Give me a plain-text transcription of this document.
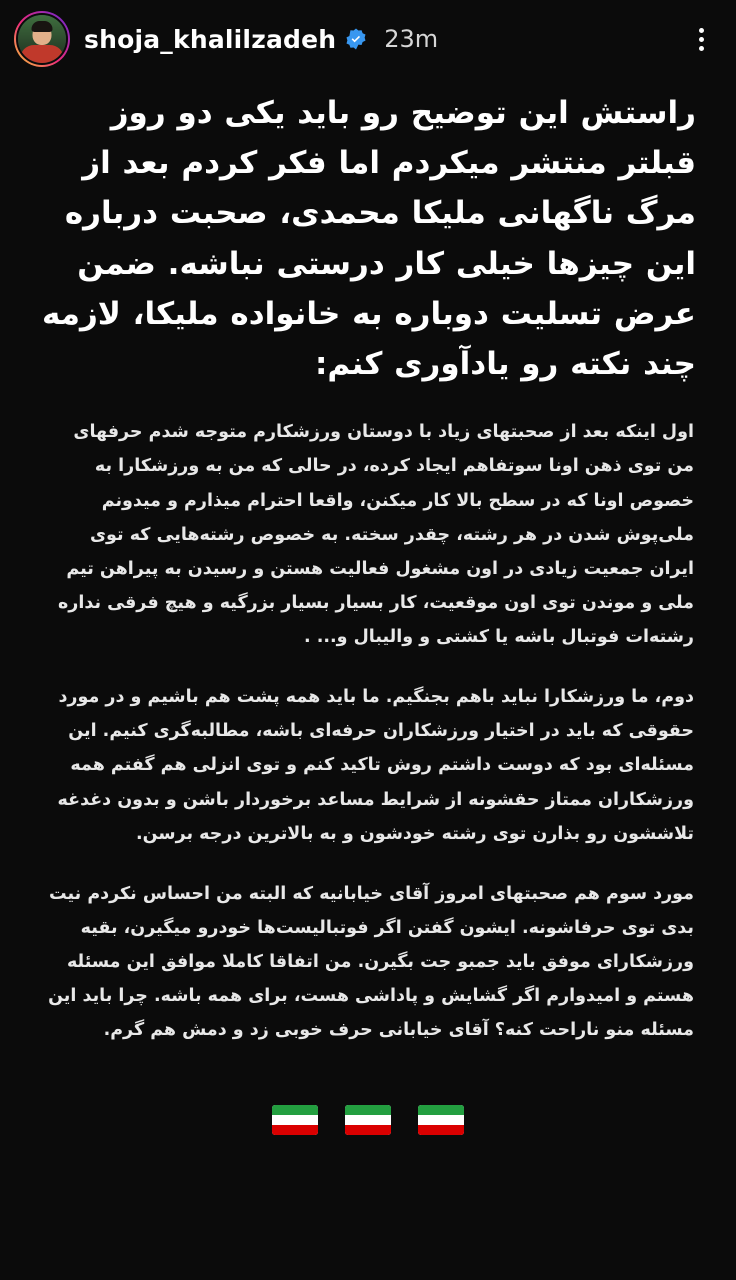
shoja_khalilzadeh 23m

راستش این توضیح رو باید یکی دو روز قبلتر منتشر میکردم اما فکر کردم بعد از مرگ ناگهانی ملیکا محمدی، صحبت درباره این چیزها خیلی کار درستی نباشه. ضمن عرض تسلیت دوباره به خانواده ملیکا، لازمه چند نکته رو یادآوری کنم:

اول اینکه بعد از صحبتهای زیاد با دوستان ورزشکارم متوجه شدم حرفهای من توی ذهن اونا سوتفاهم ایجاد کرده، در حالی که من به ورزشکارا به خصوص اونا که در سطح بالا کار میکنن، واقعا احترام میذارم و میدونم ملی‌پوش شدن در هر رشته، چقدر سخته. به خصوص رشته‌هایی که توی ایران جمعیت زیادی در اون مشغول فعالیت هستن و رسیدن به پیراهن تیم ملی و موندن توی اون موقعیت، کار بسیار بسیار بزرگیه و هیچ فرقی نداره رشته‌ات فوتبال باشه یا کشتی و والیبال و... .

دوم، ما ورزشکارا نباید باهم بجنگیم. ما باید همه پشت هم باشیم و در مورد حقوقی که باید در اختیار ورزشکاران حرفه‌ای باشه، مطالبه‌گری کنیم. این مسئله‌ای بود که دوست داشتم روش تاکید کنم و توی انزلی هم گفتم همه ورزشکاران ممتاز حقشونه از شرایط مساعد برخوردار باشن و بدون دغدغه تلاششون رو بذارن توی رشته خودشون و به بالاترین درجه برسن.

مورد سوم هم صحبتهای امروز آقای خیابانیه که البته من احساس نکردم نیت بدی توی حرفاشونه. ایشون گفتن اگر فوتبالیست‌ها خودرو میگیرن، بقیه ورزشکارای موفق باید جمبو جت بگیرن. من اتفاقا کاملا موافق این مسئله هستم و امیدوارم اگر گشایش و پاداشی هست، برای همه باشه. چرا باید این مسئله منو ناراحت کنه؟ آقای خیابانی حرف خوبی زد و دمش هم گرم.
